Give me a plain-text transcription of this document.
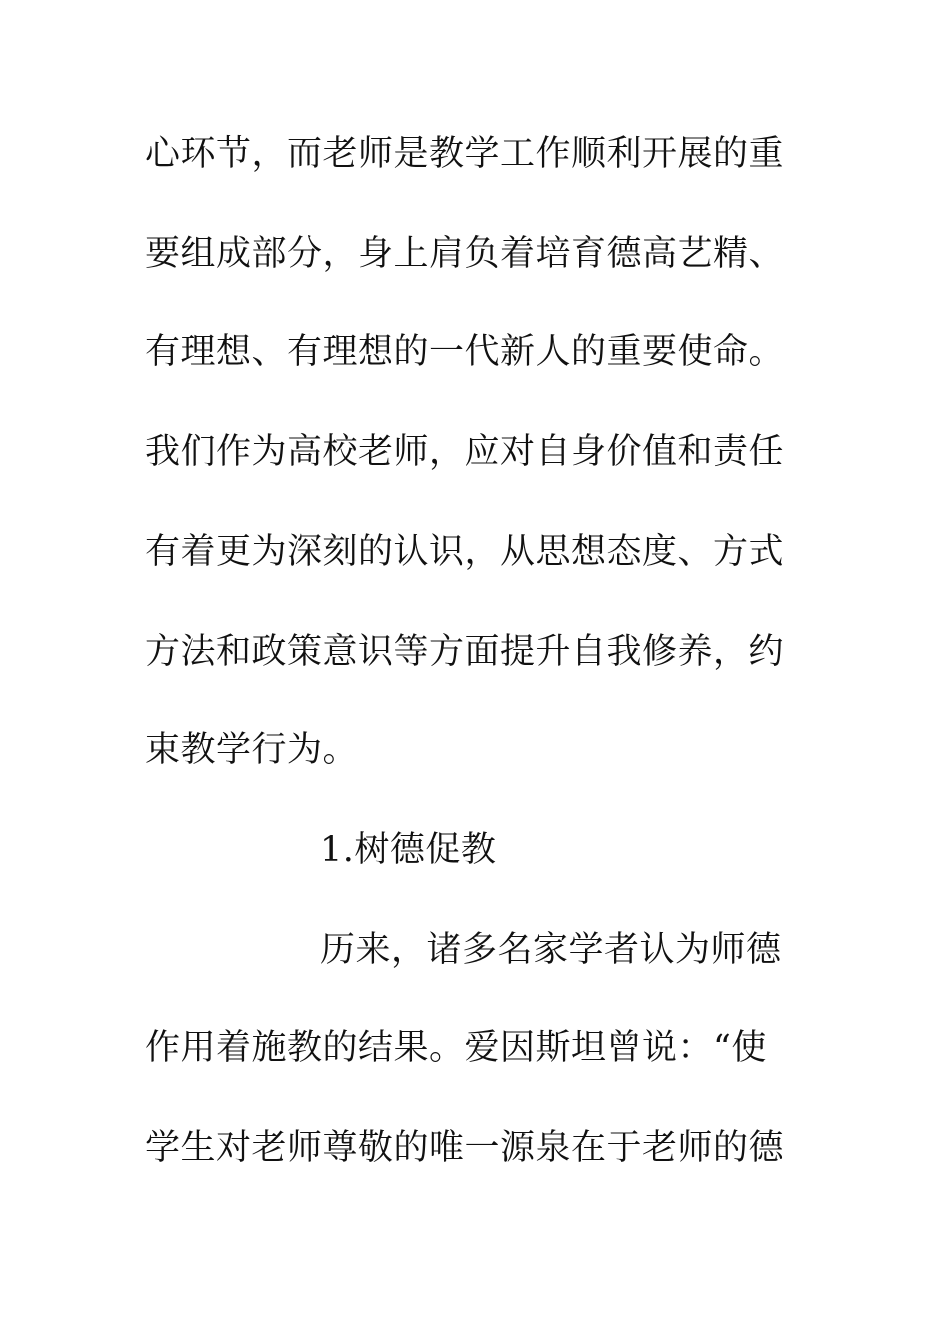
心环节，而老师是教学工作顺利开展的重
要组成部分，身上肩负着培育德高艺精、
有理想、有理想的一代新人的重要使命。
我们作为高校老师，应对自身价值和责任
有着更为深刻的认识，从思想态度、方式
方法和政策意识等方面提升自我修养，约
束教学行为。
1.树德促教
历来，诸多名家学者认为师德
作用着施教的结果。爱因斯坦曾说：“使
学生对老师尊敬的唯一源泉在于老师的德
